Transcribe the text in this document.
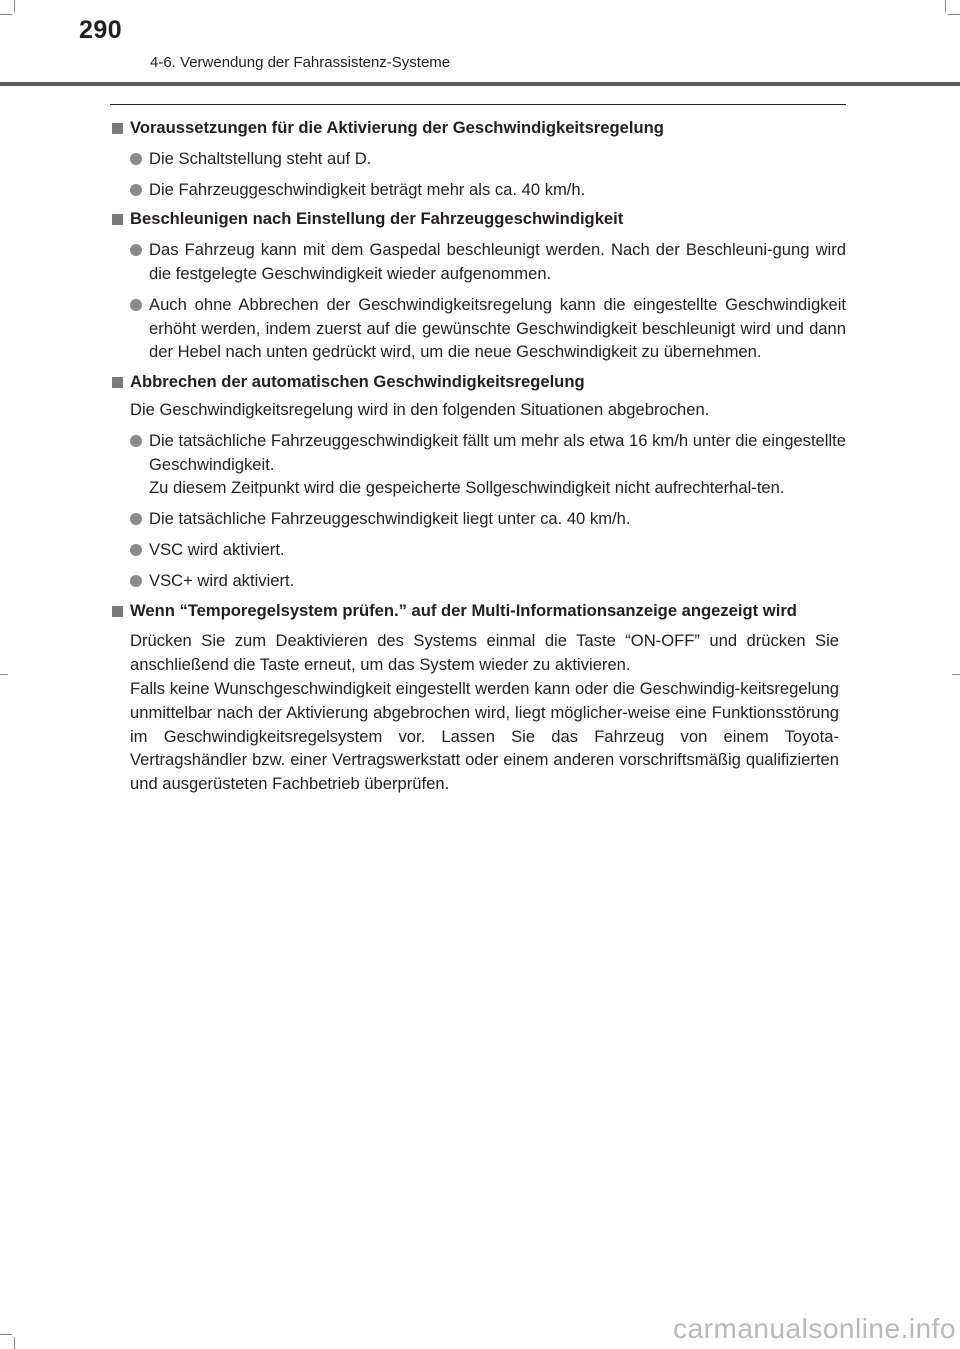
290
4-6. Verwendung der Fahrassistenz-Systeme
Voraussetzungen für die Aktivierung der Geschwindigkeitsregelung
Die Schaltstellung steht auf D.
Die Fahrzeuggeschwindigkeit beträgt mehr als ca. 40 km/h.
Beschleunigen nach Einstellung der Fahrzeuggeschwindigkeit
Das Fahrzeug kann mit dem Gaspedal beschleunigt werden. Nach der Beschleuni-gung wird die festgelegte Geschwindigkeit wieder aufgenommen.
Auch ohne Abbrechen der Geschwindigkeitsregelung kann die eingestellte Geschwindigkeit erhöht werden, indem zuerst auf die gewünschte Geschwindigkeit beschleunigt wird und dann der Hebel nach unten gedrückt wird, um die neue Geschwindigkeit zu übernehmen.
Abbrechen der automatischen Geschwindigkeitsregelung
Die Geschwindigkeitsregelung wird in den folgenden Situationen abgebrochen.
Die tatsächliche Fahrzeuggeschwindigkeit fällt um mehr als etwa 16 km/h unter die eingestellte Geschwindigkeit.
Zu diesem Zeitpunkt wird die gespeicherte Sollgeschwindigkeit nicht aufrechterhal-ten.
Die tatsächliche Fahrzeuggeschwindigkeit liegt unter ca. 40 km/h.
VSC wird aktiviert.
VSC+ wird aktiviert.
Wenn “Temporegelsystem prüfen.” auf der Multi-Informationsanzeige angezeigt wird
Drücken Sie zum Deaktivieren des Systems einmal die Taste “ON-OFF” und drücken Sie anschließend die Taste erneut, um das System wieder zu aktivieren.
Falls keine Wunschgeschwindigkeit eingestellt werden kann oder die Geschwindig-keitsregelung unmittelbar nach der Aktivierung abgebrochen wird, liegt möglicher-weise eine Funktionsstörung im Geschwindigkeitsregelsystem vor. Lassen Sie das Fahrzeug von einem Toyota-Vertragshändler bzw. einer Vertragswerkstatt oder einem anderen vorschriftsmäßig qualifizierten und ausgerüsteten Fachbetrieb überprüfen.
carmanualsonline.info
